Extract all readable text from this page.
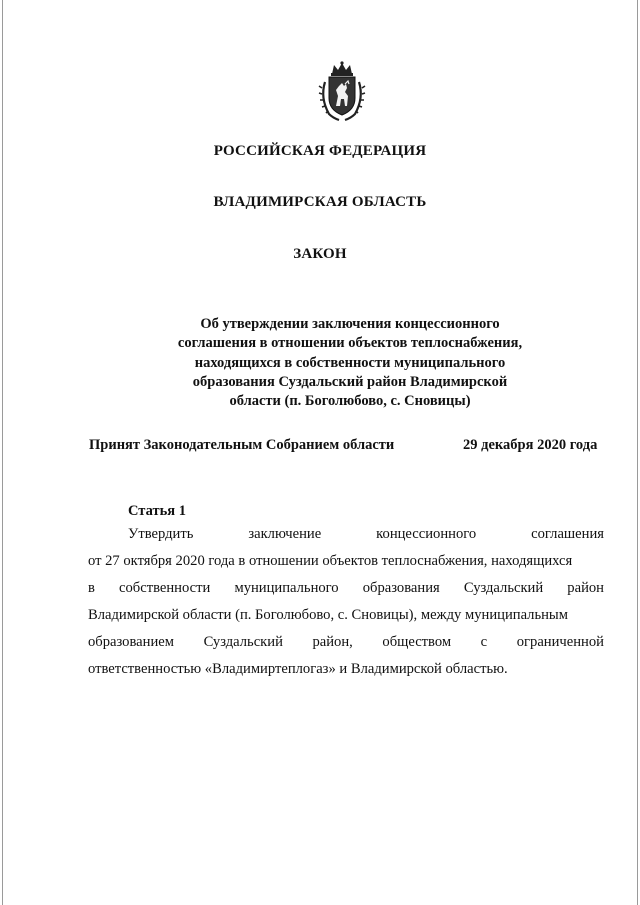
РОССИЙСКАЯ ФЕДЕРАЦИЯ
ВЛАДИМИРСКАЯ ОБЛАСТЬ
ЗАКОН
Об утверждении заключения концессионного
соглашения в отношении объектов теплоснабжения,
находящихся в собственности муниципального
образования Суздальский район Владимирской
области (п. Боголюбово, с. Сновицы)
Принят Законодательным Собранием области	29 декабря 2020 года
Статья 1
Утвердить	заключение	концессионного	соглашения
от 27 октября 2020 года в отношении объектов теплоснабжения, находящихся
в собственности муниципального образования Суздальский район
Владимирской области (п. Боголюбово, с. Сновицы), между муниципальным
образованием Суздальский район, обществом с ограниченной
ответственностью «Владимиртеплогаз» и Владимирской областью.
